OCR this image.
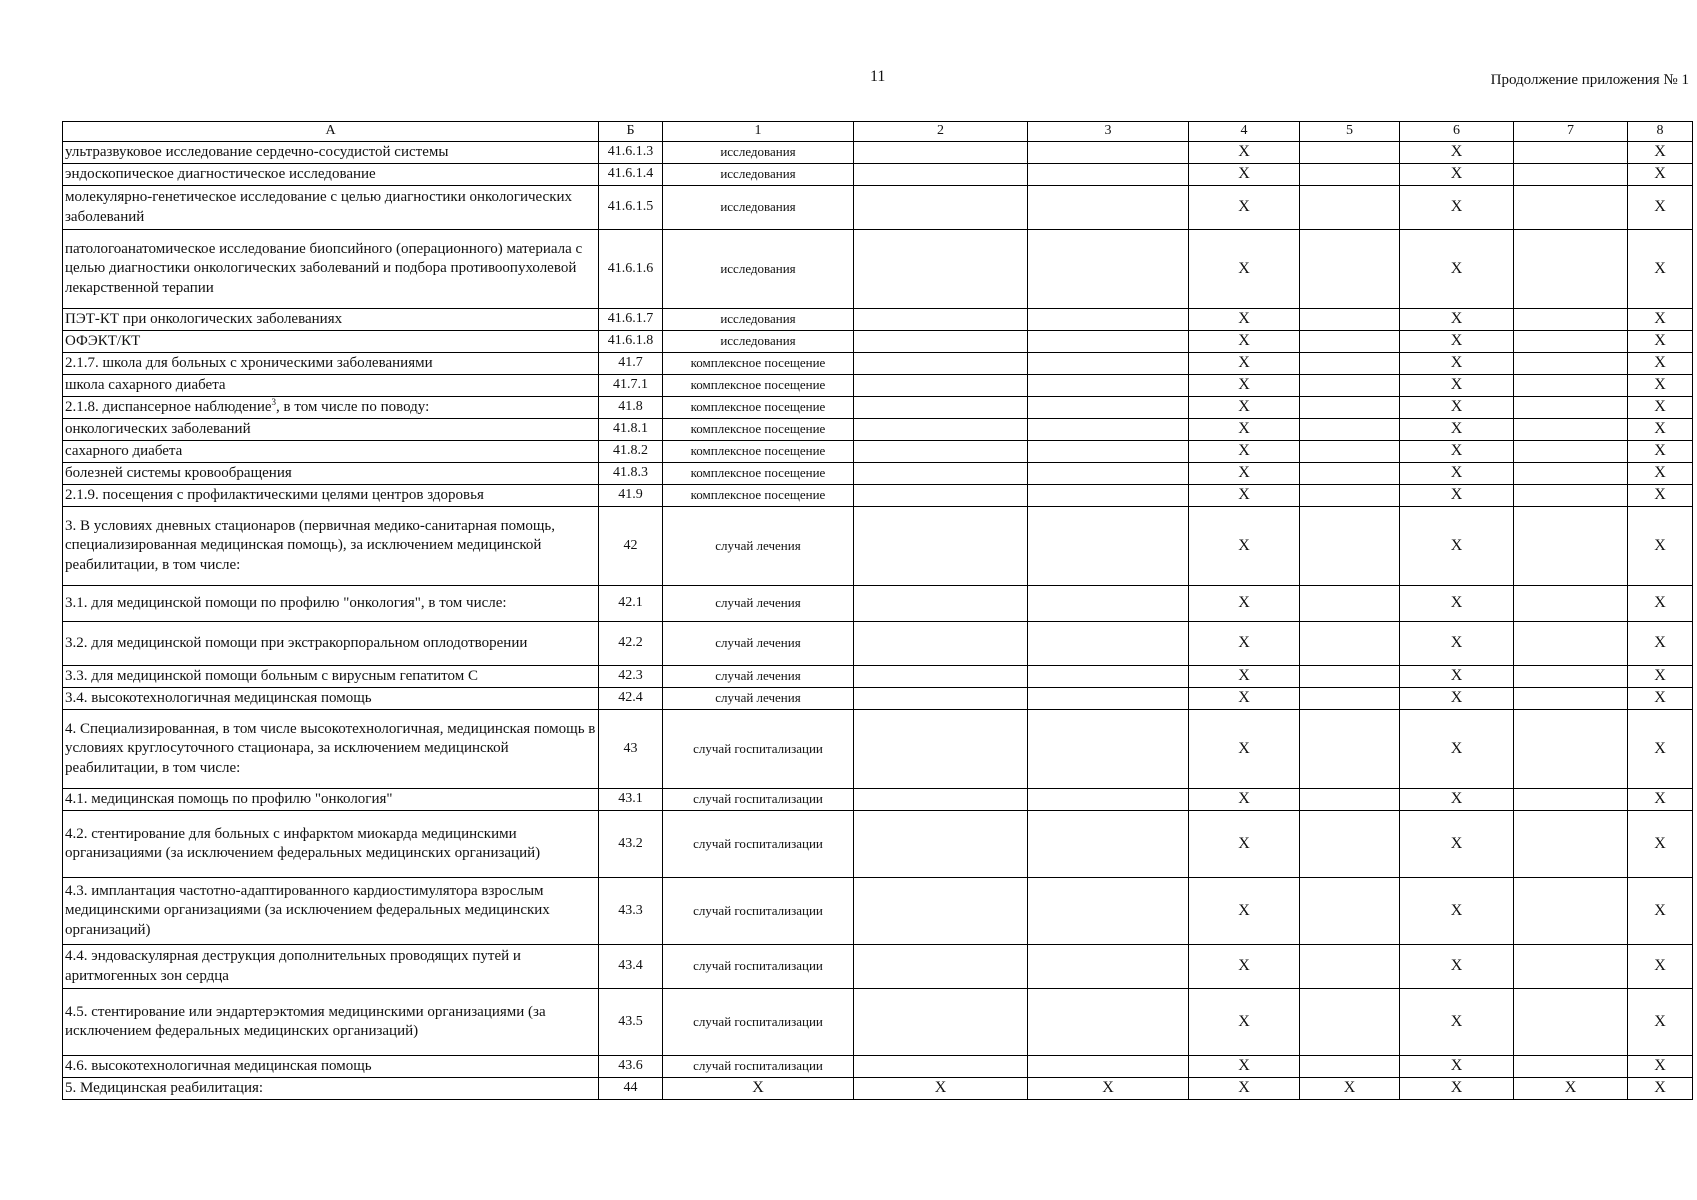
11	Продолжение приложения № 1
А	Б	1	2	3	4	5	6	7	8
ультразвуковое исследование сердечно-сосудистой системы	41.6.1.3	исследования			X		X		X
эндоскопическое диагностическое исследование	41.6.1.4	исследования			X		X		X
молекулярно-генетическое исследование с целью диагностики онкологических заболеваний	41.6.1.5	исследования			X		X		X
патологоанатомическое исследование биопсийного (операционного) материала с целью диагностики онкологических заболеваний и подбора противоопухолевой лекарственной терапии	41.6.1.6	исследования			X		X		X
ПЭТ-КТ при онкологических заболеваниях	41.6.1.7	исследования			X		X		X
ОФЭКТ/КТ	41.6.1.8	исследования			X		X		X
2.1.7. школа для больных с хроническими заболеваниями	41.7	комплексное посещение			X		X		X
школа сахарного диабета	41.7.1	комплексное посещение			X		X		X
2.1.8. диспансерное наблюдение$^3$, в том числе по поводу:	41.8	комплексное посещение			X		X		X
онкологических заболеваний	41.8.1	комплексное посещение			X		X		X
сахарного диабета	41.8.2	комплексное посещение			X		X		X
болезней системы кровообращения	41.8.3	комплексное посещение			X		X		X
2.1.9. посещения с профилактическими целями центров здоровья	41.9	комплексное посещение			X		X		X
3. В условиях дневных стационаров (первичная медико-санитарная помощь, специализированная медицинская помощь), за исключением медицинской реабилитации, в том числе:	42	случай лечения			X		X		X
3.1. для медицинской помощи по профилю "онкология", в том числе:	42.1	случай лечения			X		X		X
3.2. для медицинской помощи при экстракорпоральном оплодотворении	42.2	случай лечения			X		X		X
3.3. для медицинской помощи больным с вирусным гепатитом С	42.3	случай лечения			X		X		X
3.4. высокотехнологичная медицинская помощь	42.4	случай лечения			X		X		X
4. Специализированная, в том числе высокотехнологичная, медицинская помощь в условиях круглосуточного стационара, за исключением медицинской реабилитации, в том числе:	43	случай госпитализации			X		X		X
4.1. медицинская помощь по профилю "онкология"	43.1	случай госпитализации			X		X		X
4.2. стентирование для больных с инфарктом миокарда медицинскими организациями (за исключением федеральных медицинских организаций)	43.2	случай госпитализации			X		X		X
4.3. имплантация частотно-адаптированного кардиостимулятора взрослым медицинскими организациями (за исключением федеральных медицинских организаций)	43.3	случай госпитализации			X		X		X
4.4. эндоваскулярная деструкция дополнительных проводящих путей и аритмогенных зон сердца	43.4	случай госпитализации			X		X		X
4.5. стентирование или эндартерэктомия медицинскими организациями (за исключением федеральных медицинских организаций)	43.5	случай госпитализации			X		X		X
4.6. высокотехнологичная медицинская помощь	43.6	случай госпитализации			X		X		X
5. Медицинская реабилитация:	44	X	X	X	X	X	X	X	X
